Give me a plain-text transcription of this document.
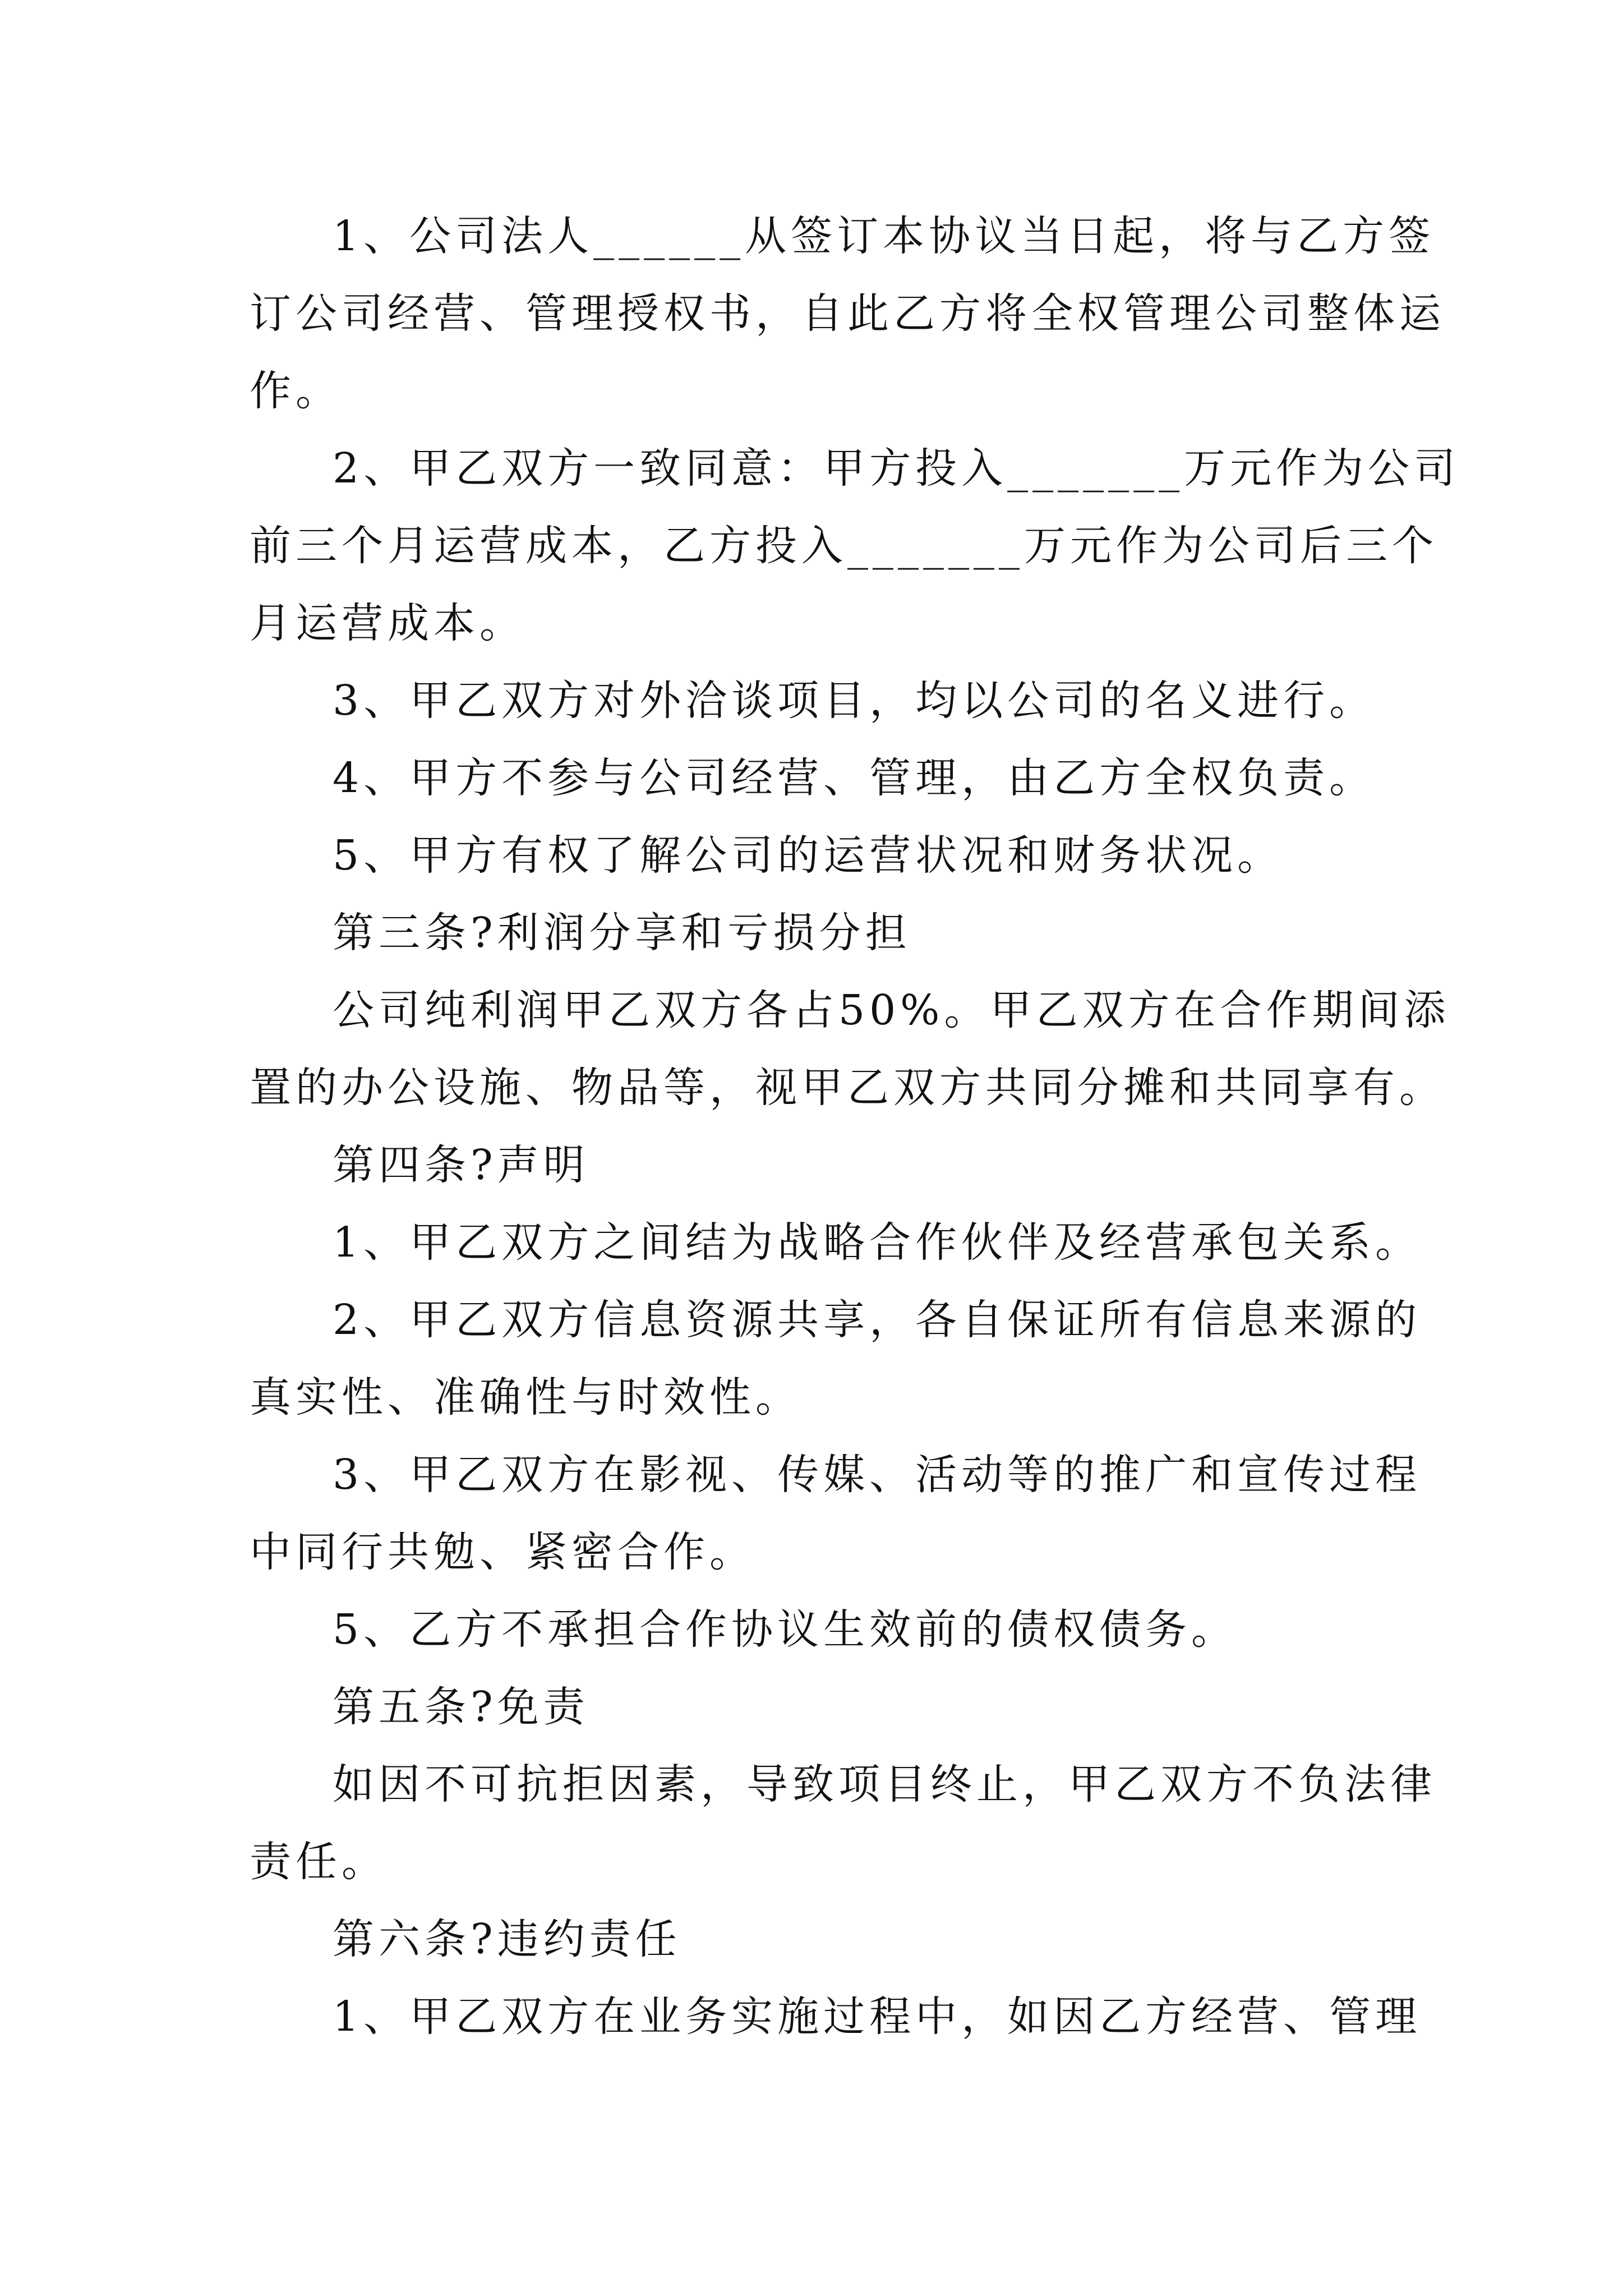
1、公司法人______从签订本协议当日起，将与乙方签
订公司经营、管理授权书，自此乙方将全权管理公司整体运
作。
2、甲乙双方一致同意：甲方投入_______万元作为公司
前三个月运营成本，乙方投入_______万元作为公司后三个
月运营成本。
3、甲乙双方对外洽谈项目，均以公司的名义进行。
4、甲方不参与公司经营、管理，由乙方全权负责。
5、甲方有权了解公司的运营状况和财务状况。
第三条?利润分享和亏损分担
公司纯利润甲乙双方各占50%。甲乙双方在合作期间添
置的办公设施、物品等，视甲乙双方共同分摊和共同享有。
第四条?声明
1、甲乙双方之间结为战略合作伙伴及经营承包关系。
2、甲乙双方信息资源共享，各自保证所有信息来源的
真实性、准确性与时效性。
3、甲乙双方在影视、传媒、活动等的推广和宣传过程
中同行共勉、紧密合作。
5、乙方不承担合作协议生效前的债权债务。
第五条?免责
如因不可抗拒因素，导致项目终止，甲乙双方不负法律
责任。
第六条?违约责任
1、甲乙双方在业务实施过程中，如因乙方经营、管理
